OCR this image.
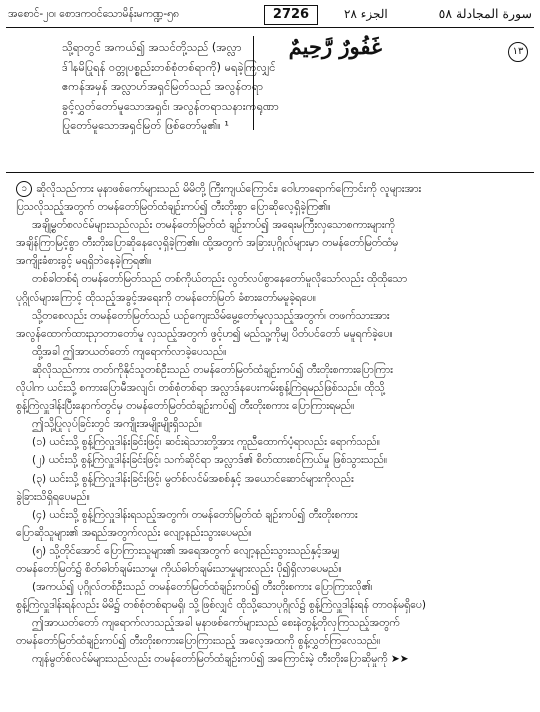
အစောင်-၂၀၊ စောဒကဝင်သောမိန်းမကဏ္ဍ-၅၈	2726	الجزء ٢٨	سورة المجادلة ٥٨
غَفُورٌ رَّحِيمٌ	١٣

သို့ရာတွင် အကယ်၍ အသင်တို့သည် (အလ္လာ

ဒ်ါနမိပြုရန် ဝတ္တုပစ္စည်းတစ်စုံတစ်ရာကို) မရခဲ့ကြလျှင်

ဧကန်အမှန် အလ္လာဟ်အရှင်မြတ်သည် အလွန်တရာ

ခွင့်လွှတ်တော်မူသောအရှင်၊ အလွန်တရာသနားကရုဏာ

ပြုတော်မူသောအရှင်မြတ် ဖြစ်တော်မူ၏။ ¹

၁ ဆိုလိုသည်ကား မုနာဖစ်ကော်များသည် မိမိတို့ ကြီးကျယ်ကြောင်း၊ ဝေါဟာရောက်ကြောင်းကို လူများအား

ပြသလိုသည့်အတွက် တမန်တော်မြတ်ထံချဉ်းကပ်၍ တီးတိုးစွာ ပြောဆိုလေ့ရှိခဲ့ကြ၏။

အချို့မွတ်စလင်မ်များသည်လည်း တမန်တော်မြတ်ထံ ချဉ်းကပ်၍ အရေးမကြီးလှသောစကားများကို

အချိန်ကြာမြင့်စွာ တီးတိုးပြောဆိုနေလေ့ရှိခဲ့ကြ၏။ ထို့အတွက် အခြားပုဂ္ဂိုလ်များမှာ တမန်တော်မြတ်ထံမှ

အကျိုးခံစားခွင့် မရရှိဘဲနေခဲ့ကြရ၏။

တစ်ခါတစ်ရံ တမန်တော်မြတ်သည် တစ်ကိုယ်တည်း လွတ်လပ်စွာနေတော်မူလိုသော်လည်း ထိုထိုသော

ပုဂ္ဂိုလ်များကြောင့် ထိုသည့်အခွင့်အရေးကို တမန်တော်မြတ် ခံစားတော်မမူခဲ့ရပေ။

သို့တစေလည်း တမန်တော်မြတ်သည် ယဉ်ကျေးသိမ်မွေ့တော်မူလှသည့်အတွက်၊ တဖက်သားအား

အလွန်ထောက်ထားညှာတာတော်မူ လှသည့်အတွက် ဖွင့်ဟ၍ မည်သူ့ကိုမျှ ပိတ်ပင်တော် မမူရက်ခဲ့ပေ။

ထို့အခါ ဤအာယတ်တော် ကျရောက်လာခဲ့ပေသည်။

ဆိုလိုသည်ကား တတ်ကိုနိုင်သူတစ်ဦးသည် တမန်တော်မြတ်ထံချဉ်းကပ်၍ တီးတိုးစကားပြောကြား

လိုပါက ယင်းသို့ စကားပြောမီအလျင်၊ တစ်စုံတစ်ရာ အလ္လာဒ်နပေးကမ်းစွန့်ကြဲရမည်ဖြစ်သည်။ ထိုသို့

စွန့်ကြဲလှူဒါန်းပြီးနောက်တွင်မှ တမန်တော်မြတ်ထံချဉ်းကပ်၍ တီးတိုးစကား ပြောကြားရမည်။

ဤသို့ပြုလုပ်ခြင်းတွင် အကျိုးအမျိုးမျိုးရှိသည်။

(၁) ယင်းသို့ စွန့်ကြဲလှူဒါန်းခြင်းဖြင့်၊ ဆင်းရဲသားတို့အား ကူညီထောက်ပံ့ရာလည်း ရောက်သည်။

(၂) ယင်းသို့ စွန့်ကြဲလှူဒါန်းခြင်းဖြင့်၊ သက်ဆိုင်ရာ အလ္လာဒ်၏ စိတ်ထားစင်ကြယ်မှု ဖြစ်သွားသည်။

(၃) ယင်းသို့ စွန့်ကြဲလှူဒါန်းခြင်းဖြင့်၊ မွတ်စ်လင်မ်အစစ်နှင့် အယောင်ဆောင်များကိုလည်း

ခွဲခြားသိရှိရပေမည်။

(၄) ယင်းသို့ စွန့်ကြဲလှူဒါန်းရသည့်အတွက်၊ တမန်တော်မြတ်ထံ ချဉ်းကပ်၍ တီးတိုးစကား

ပြောဆိုသူများ၏ အရည်အတွက်လည်း လျော့နည်းသွားပေမည်။

(၅) သို့တိုင်အောင် ပြောကြားသူများ၏ အရေအတွက် လျော့နည်းသွားသည်နှင့်အမျှ

တမန်တော်မြတ်၌ စိတ်ဓါတ်ချမ်းသာမှု၊ ကိုယ်ဓါတ်ချမ်းသာမှုများလည်း ပို၍ရှိလာပေမည်။

(အကယ်၍ ပုဂ္ဂိုလ်တစ်ဦးသည် တမန်တော်မြတ်ထံချဉ်းကပ်၍ တီးတိုးစကား ပြောကြားလို၏၊

စွန့်ကြဲလှူဒါန်းရန်လည်း မိမိ၌ တစ်စုံတစ်ရာမရှိ၊ သို့ဖြစ်လျှင် ထိုသို့သောပုဂ္ဂိုလ်၌ စွန့်ကြဲလှူဒါန်းရန် တာဝန်မရှိပေ)

ဤအာယတ်တော် ကျရောက်လာသည့်အခါ မုနာဖစ်ကော်များသည် စေးနဲတွန့်တိုလှကြသည့်အတွက်

တမန်တော်မြတ်ထံချဉ်းကပ်၍ တီးတိုးစကားပြောကြားသည့် အလေ့အထကို စွန့်လွှတ်ကြလေသည်။

ကျန်မွတ်စ်လင်မ်များသည်လည်း တမန်တော်မြတ်ထံချဉ်းကပ်၍ အကြောင်းမဲ့ တီးတိုးပြောဆိုမှုကို ➤➤
